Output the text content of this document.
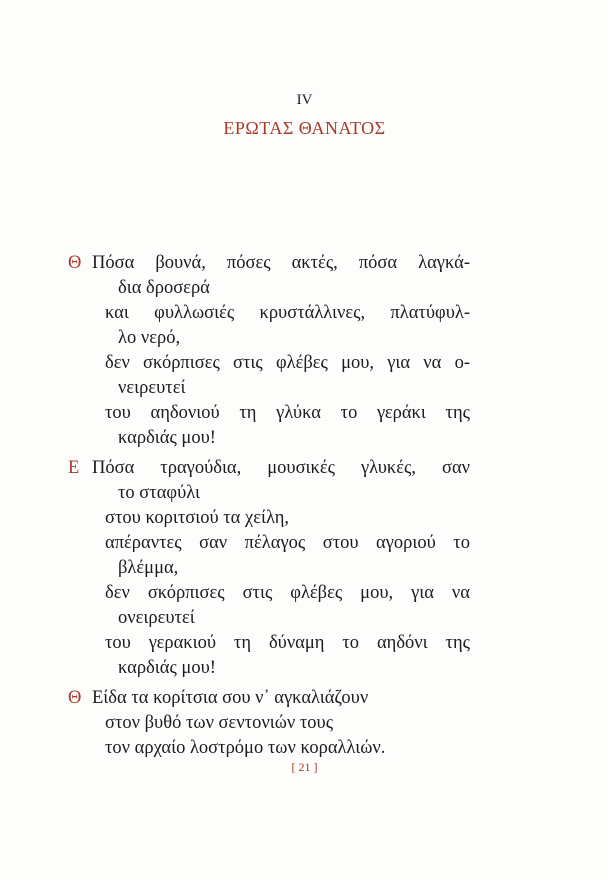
IV
ΕΡΩΤΑΣ ΘΑΝΑΤΟΣ
Θ Πόσα βουνά, πόσες ακτές, πόσα λαγκά-
δια δροσερά
και φυλλωσιές κρυστάλλινες, πλατύφυλ-
λο νερό,
δεν σκόρπισες στις φλέβες μου, για να ο-
νειρευτεί
του αηδονιού τη γλύκα το γεράκι της
καρδιάς μου!
Ε Πόσα τραγούδια, μουσικές γλυκές, σαν
το σταφύλι
στου κοριτσιού τα χείλη,
απέραντες σαν πέλαγος στου αγοριού το
βλέμμα,
δεν σκόρπισες στις φλέβες μου, για να
ονειρευτεί
του γερακιού τη δύναμη το αηδόνι της
καρδιάς μου!
Θ Είδα τα κορίτσια σου ν᾽ αγκαλιάζουν
στον βυθό των σεντονιών τους
τον αρχαίο λοστρόμο των κοραλλιών.
[ 21 ]
